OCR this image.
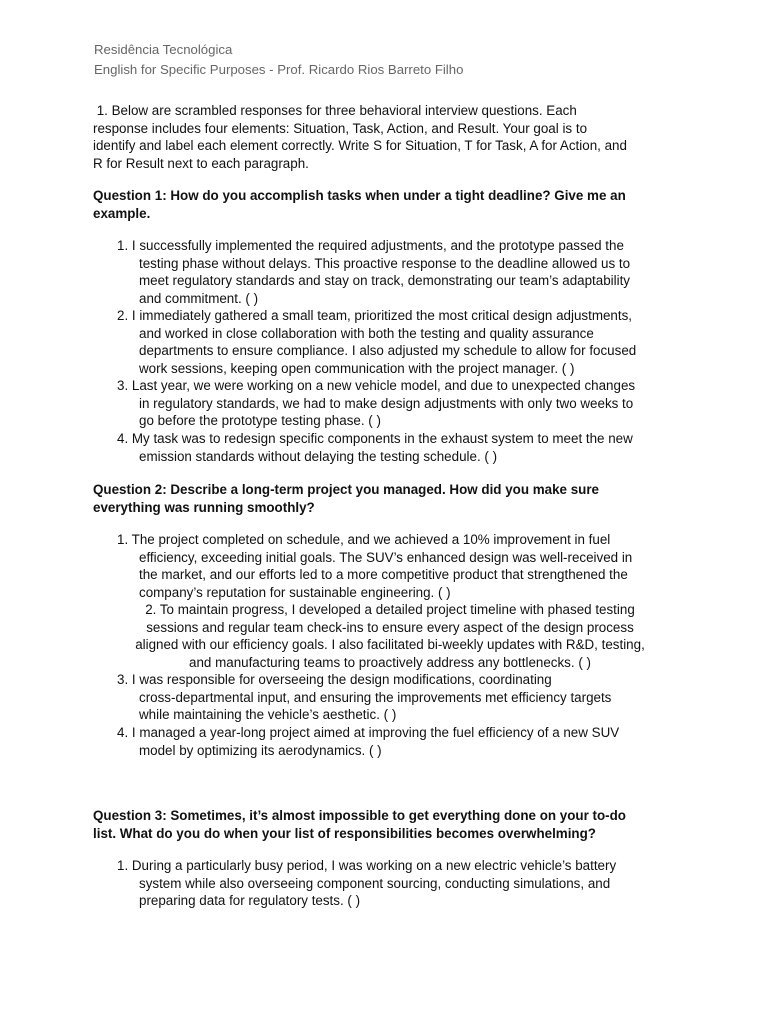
Residência Tecnológica
English for Specific Purposes - Prof. Ricardo Rios Barreto Filho
1. Below are scrambled responses for three behavioral interview questions. Each
response includes four elements: Situation, Task, Action, and Result. Your goal is to
identify and label each element correctly. Write S for Situation, T for Task, A for Action, and
R for Result next to each paragraph.
Question 1: How do you accomplish tasks when under a tight deadline? Give me an
example.
1. I successfully implemented the required adjustments, and the prototype passed the
testing phase without delays. This proactive response to the deadline allowed us to
meet regulatory standards and stay on track, demonstrating our team’s adaptability
and commitment. ( )
2. I immediately gathered a small team, prioritized the most critical design adjustments,
and worked in close collaboration with both the testing and quality assurance
departments to ensure compliance. I also adjusted my schedule to allow for focused
work sessions, keeping open communication with the project manager. ( )
3. Last year, we were working on a new vehicle model, and due to unexpected changes
in regulatory standards, we had to make design adjustments with only two weeks to
go before the prototype testing phase. ( )
4. My task was to redesign specific components in the exhaust system to meet the new
emission standards without delaying the testing schedule. ( )
Question 2: Describe a long-term project you managed. How did you make sure
everything was running smoothly?
1. The project completed on schedule, and we achieved a 10% improvement in fuel
efficiency, exceeding initial goals. The SUV’s enhanced design was well-received in
the market, and our efforts led to a more competitive product that strengthened the
company’s reputation for sustainable engineering. ( )
2. To maintain progress, I developed a detailed project timeline with phased testing
sessions and regular team check-ins to ensure every aspect of the design process
aligned with our efficiency goals. I also facilitated bi-weekly updates with R&D, testing,
and manufacturing teams to proactively address any bottlenecks. ( )
3. I was responsible for overseeing the design modifications, coordinating
cross-departmental input, and ensuring the improvements met efficiency targets
while maintaining the vehicle’s aesthetic. ( )
4. I managed a year-long project aimed at improving the fuel efficiency of a new SUV
model by optimizing its aerodynamics. ( )
Question 3: Sometimes, it’s almost impossible to get everything done on your to-do
list. What do you do when your list of responsibilities becomes overwhelming?
1. During a particularly busy period, I was working on a new electric vehicle’s battery
system while also overseeing component sourcing, conducting simulations, and
preparing data for regulatory tests. ( )
